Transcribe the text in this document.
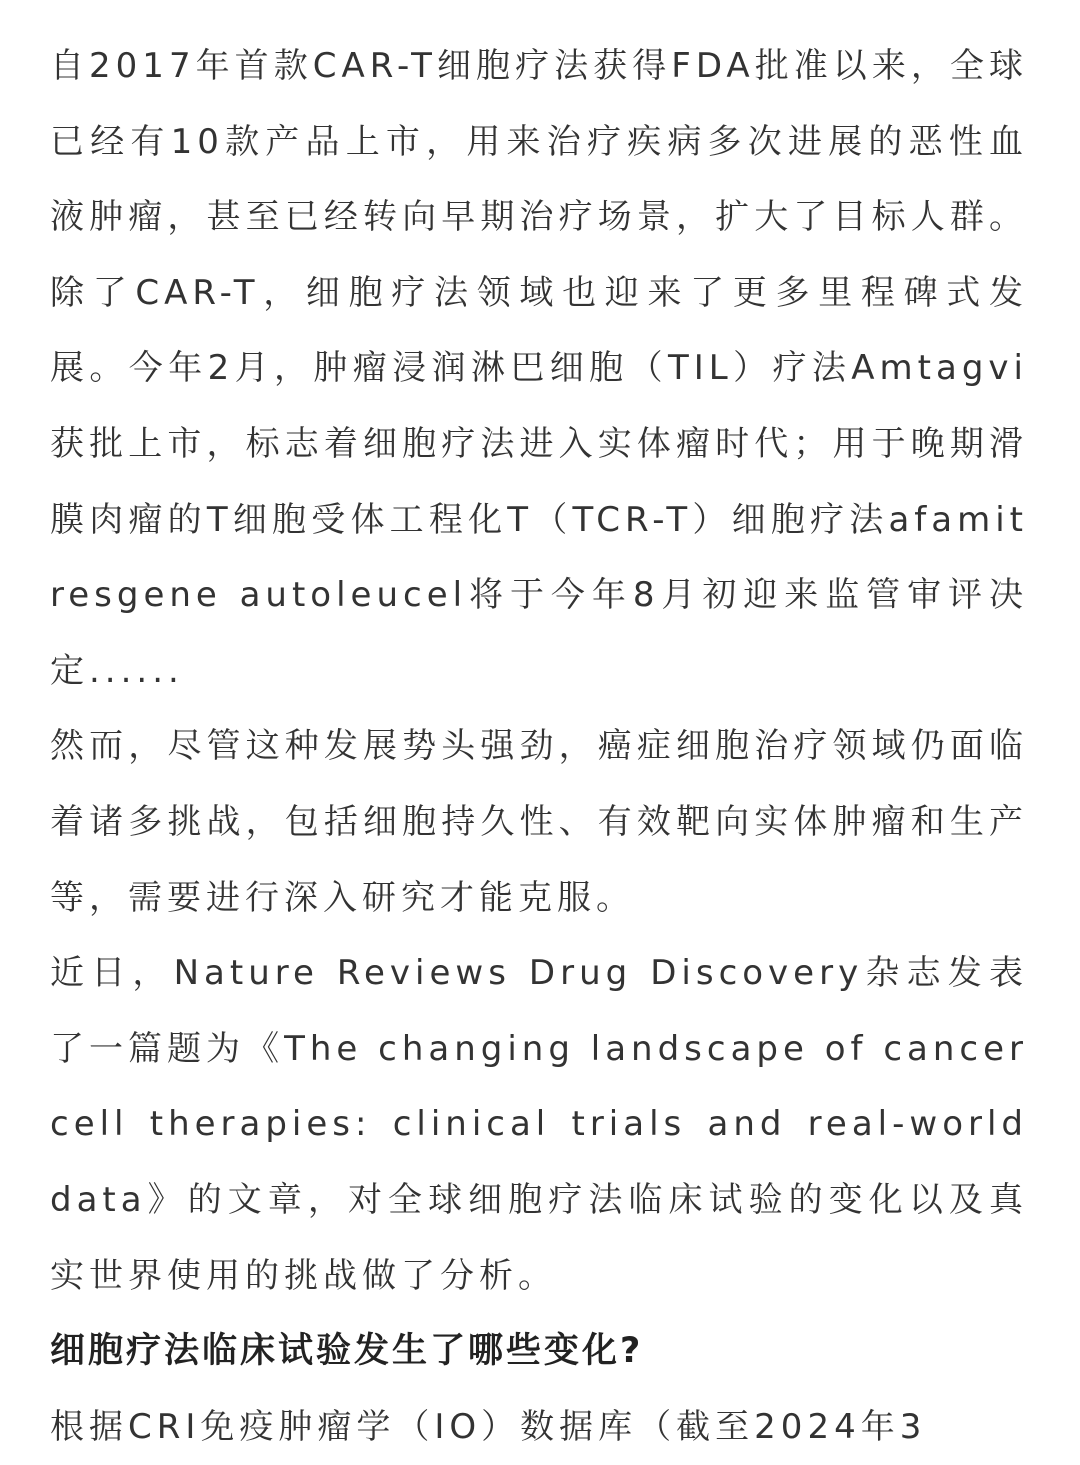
自2017年首款CAR-T细胞疗法获得FDA批准以来，全球已经有10款产品上市，用来治疗疾病多次进展的恶性血液肿瘤，甚至已经转向早期治疗场景，扩大了目标人群。除了CAR-T，细胞疗法领域也迎来了更多里程碑式发展。今年2月，肿瘤浸润淋巴细胞（TIL）疗法Amtagvi获批上市，标志着细胞疗法进入实体瘤时代；用于晚期滑膜肉瘤的T细胞受体工程化T（TCR-T）细胞疗法afamitresgene autoleucel将于今年8月初迎来监管审评决定......

然而，尽管这种发展势头强劲，癌症细胞治疗领域仍面临着诸多挑战，包括细胞持久性、有效靶向实体肿瘤和生产等，需要进行深入研究才能克服。

近日，Nature Reviews Drug Discovery杂志发表了一篇题为《The changing landscape of cancer cell therapies: clinical trials and real-world data》的文章，对全球细胞疗法临床试验的变化以及真实世界使用的挑战做了分析。

细胞疗法临床试验发生了哪些变化?

根据CRI免疫肿瘤学（IO）数据库（截至2024年3
